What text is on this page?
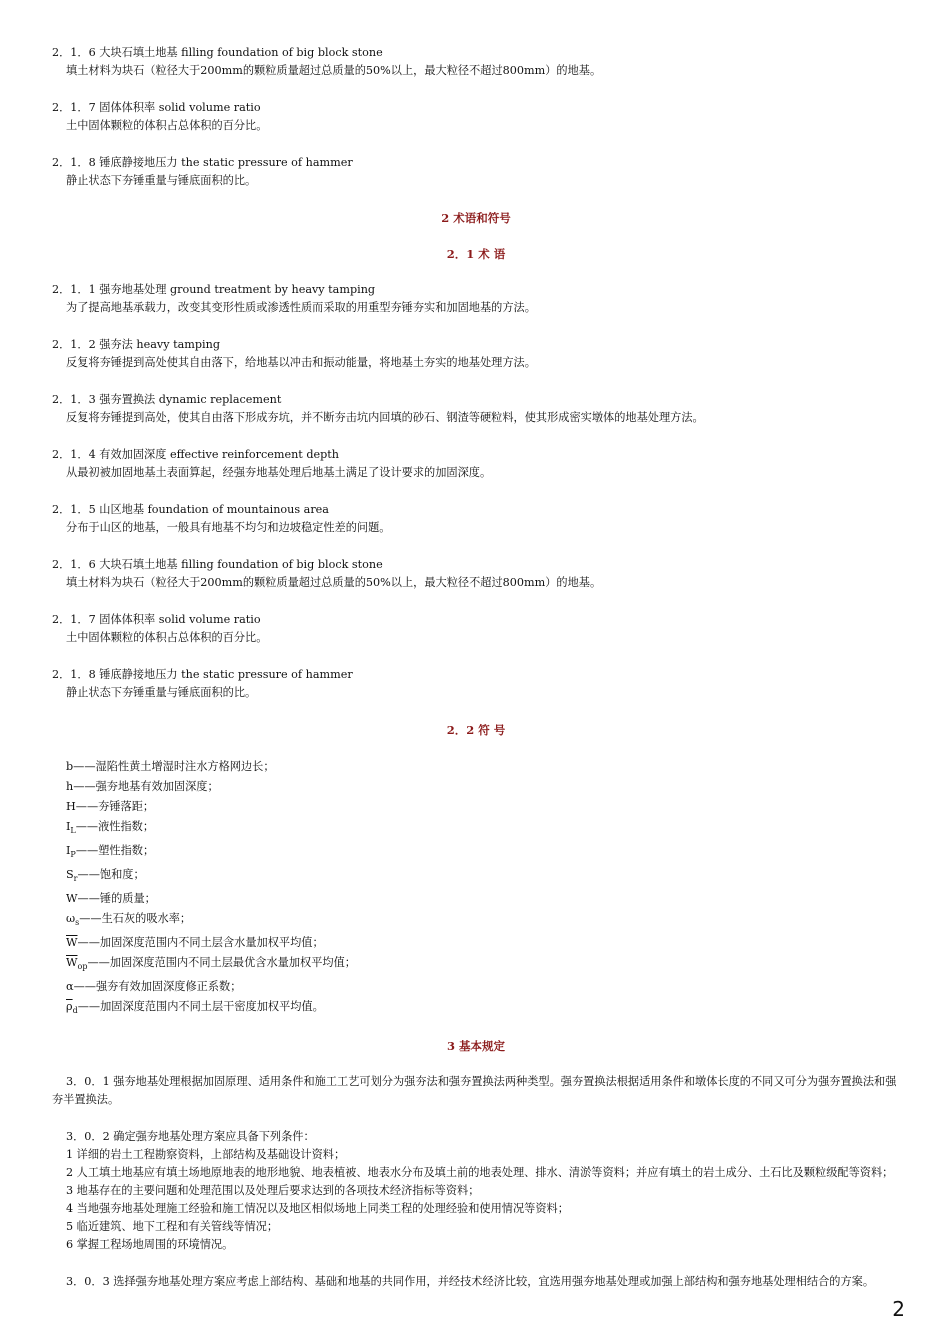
2．1．6 大块石填土地基 filling foundation of big block stone
填土材料为块石（粒径大于200mm的颗粒质量超过总质量的50%以上，最大粒径不超过800mm）的地基。
2．1．7 固体体积率 solid volume ratio
土中固体颗粒的体积占总体积的百分比。
2．1．8 锤底静接地压力 the static pressure of hammer
静止状态下夯锤重量与锤底面积的比。
2 术语和符号
2．1 术 语
2．1．1 强夯地基处理 ground treatment by heavy tamping
为了提高地基承载力，改变其变形性质或渗透性质而采取的用重型夯锤夯实和加固地基的方法。
2．1．2 强夯法 heavy tamping
反复将夯锤提到高处使其自由落下，给地基以冲击和振动能量，将地基土夯实的地基处理方法。
2．1．3 强夯置换法 dynamic replacement
反复将夯锤提到高处，使其自由落下形成夯坑，并不断夯击坑内回填的砂石、钢渣等硬粒料，使其形成密实墩体的地基处理方法。
2．1．4 有效加固深度 effective reinforcement depth
从最初被加固地基土表面算起，经强夯地基处理后地基土满足了设计要求的加固深度。
2．1．5 山区地基 foundation of mountainous area
分布于山区的地基，一般具有地基不均匀和边坡稳定性差的问题。
2．1．6 大块石填土地基 filling foundation of big block stone
填土材料为块石（粒径大于200mm的颗粒质量超过总质量的50%以上，最大粒径不超过800mm）的地基。
2．1．7 固体体积率 solid volume ratio
土中固体颗粒的体积占总体积的百分比。
2．1．8 锤底静接地压力 the static pressure of hammer
静止状态下夯锤重量与锤底面积的比。
2．2 符 号
b——湿陷性黄土增湿时注水方格网边长；
h——强夯地基有效加固深度；
H——夯锤落距；
$I_L——$液性指数；
$I_P——$塑性指数；
$S_r——$饱和度；
W——锤的质量；
$\omega_s——$生石灰的吸水率；
$\overline{W}——$加固深度范围内不同土层含水量加权平均值；
$\overline{W}_{op}——$加固深度范围内不同土层最优含水量加权平均值；
α——强夯有效加固深度修正系数；
$\overline{\rho}_d——$加固深度范围内不同土层干密度加权平均值。
3 基本规定
3．0．1 强夯地基处理根据加固原理、适用条件和施工工艺可划分为强夯法和强夯置换法两种类型。强夯置换法根据适用条件和墩体长度的不同又可分为强夯置换法和强夯半置换法。
3．0．2 确定强夯地基处理方案应具备下列条件：
1 详细的岩土工程勘察资料，上部结构及基础设计资料；
2 人工填土地基应有填土场地原地表的地形地貌、地表植被、地表水分布及填土前的地表处理、排水、清淤等资料；并应有填土的岩土成分、土石比及颗粒级配等资料；
3 地基存在的主要问题和处理范围以及处理后要求达到的各项技术经济指标等资料；
4 当地强夯地基处理施工经验和施工情况以及地区相似场地上同类工程的处理经验和使用情况等资料；
5 临近建筑、地下工程和有关管线等情况；
6 掌握工程场地周围的环境情况。
3．0．3 选择强夯地基处理方案应考虑上部结构、基础和地基的共同作用，并经技术经济比较，宜选用强夯地基处理或加强上部结构和强夯地基处理相结合的方案。
2
